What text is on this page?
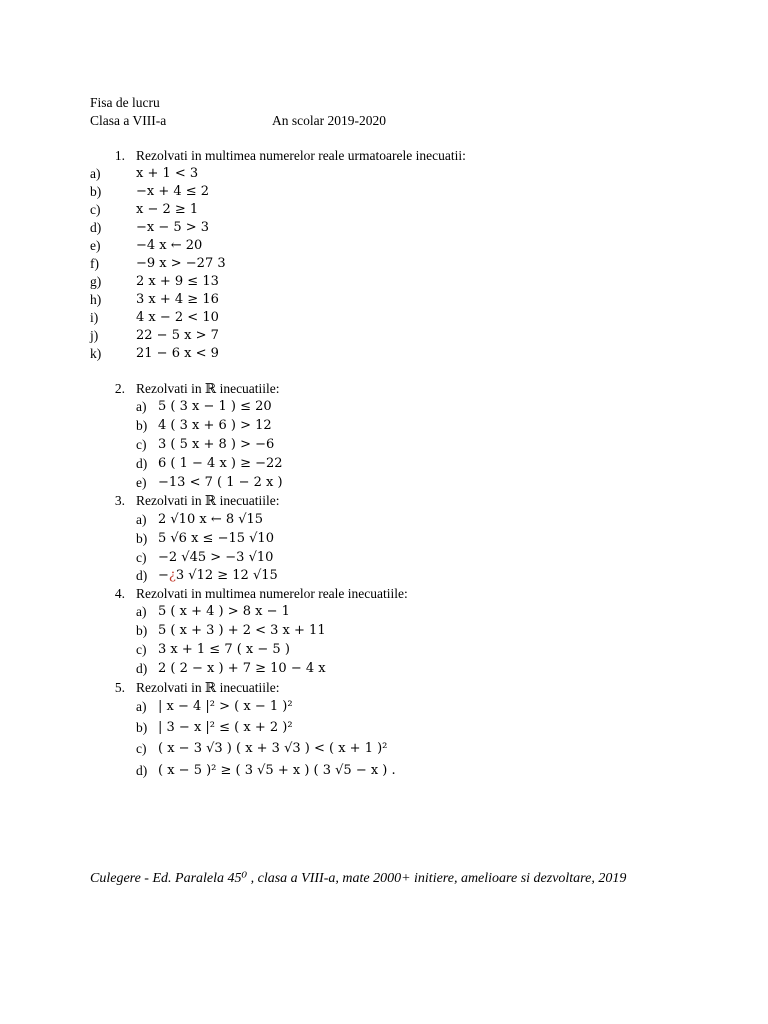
Fisa de lucru
Clasa a VIII-a	An scolar 2019-2020
1. Rezolvati in multimea numerelor reale urmatoarele inecuatii:
a)	x + 1 < 3
b)	−x + 4 ≤ 2
c)	x − 2 ≥ 1
d)	−x − 5 > 3
e)	−4 x ← 20
f)	−9 x > −27 3
g)	2 x + 9 ≤ 13
h)	3 x + 4 ≥ 16
i)	4 x − 2 < 10
j)	22 − 5 x > 7
k)	21 − 6 x < 9
2. Rezolvati in ℝ inecuatiile:
a) 5 ( 3 x − 1 ) ≤ 20
b) 4 ( 3 x + 6 ) > 12
c) 3 ( 5 x + 8 ) > −6
d) 6 ( 1 − 4 x ) ≥ −22
e) −13 < 7 ( 1 − 2 x )
3. Rezolvati in ℝ inecuatiile:
a) 2 √10 x ← 8 √15
b) 5 √6 x ≤ −15 √10
c) −2 √45 > −3 √10
d) −¿3 √12 ≥ 12 √15
4. Rezolvati in multimea numerelor reale inecuatiile:
a) 5 ( x + 4 ) > 8 x − 1
b) 5 ( x + 3 ) + 2 < 3 x + 11
c) 3 x + 1 ≤ 7 ( x − 5 )
d) 2 ( 2 − x ) + 7 ≥ 10 − 4 x
5. Rezolvati in ℝ inecuatiile:
a) | x − 4 |² > ( x − 1 )²
b) | 3 − x |² ≤ ( x + 2 )²
c) ( x − 3 √3 ) ( x + 3 √3 ) < ( x + 1 )²
d) ( x − 5 )² ≥ ( 3 √5 + x ) ( 3 √5 − x ) .
Culegere - Ed. Paralela 45⁰ , clasa a VIII-a, mate 2000+ initiere, amelioare si dezvoltare, 2019
